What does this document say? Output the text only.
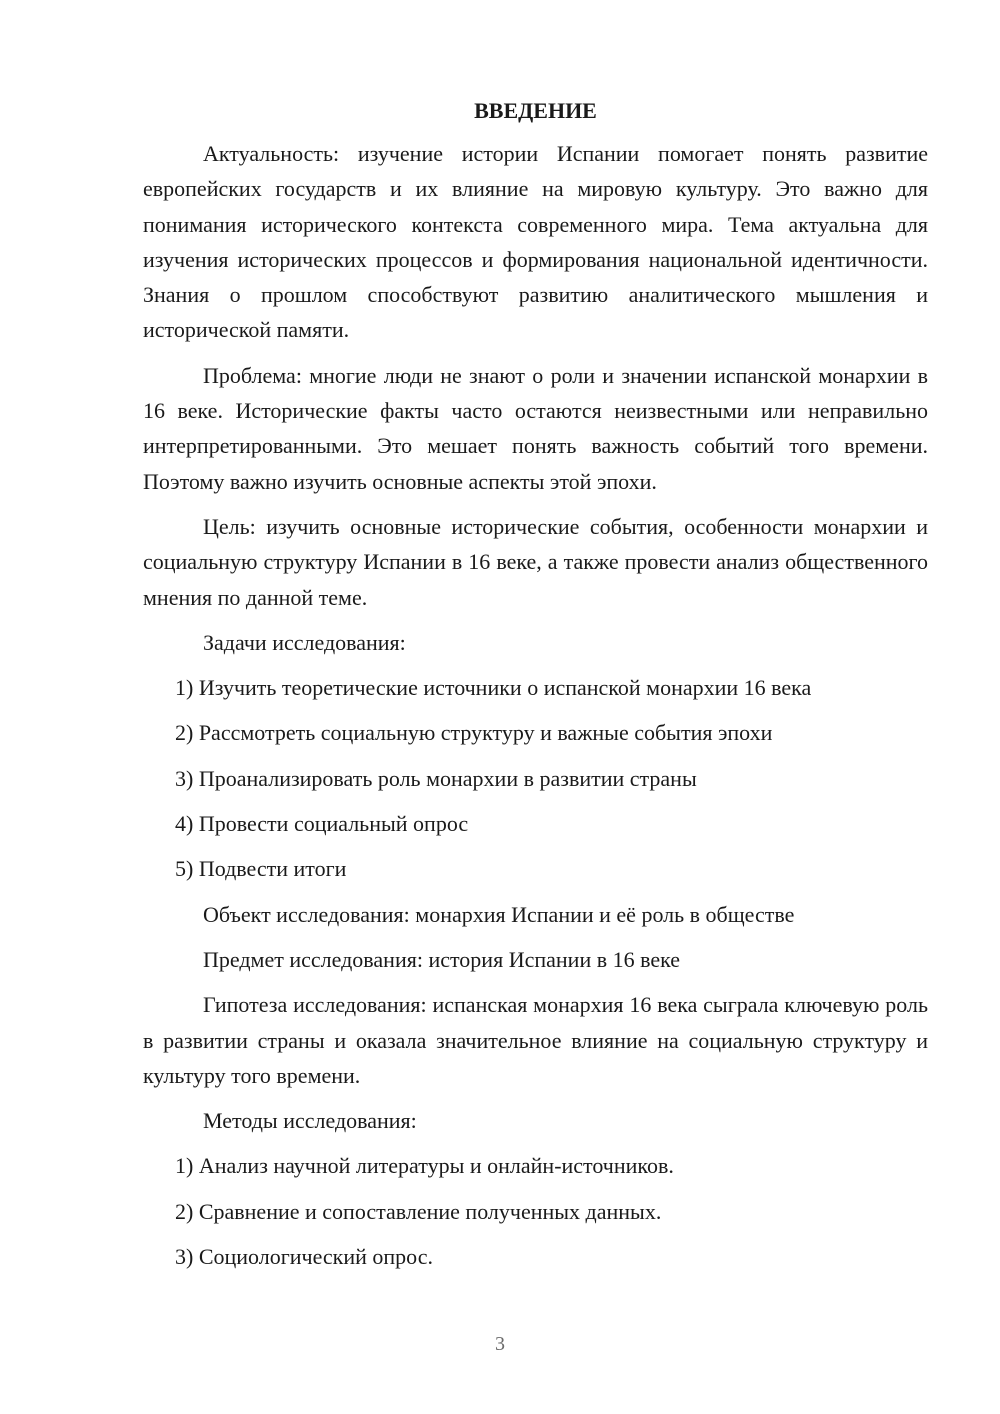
ВВЕДЕНИЕ

Актуальность: изучение истории Испании помогает понять развитие европейских государств и их влияние на мировую культуру. Это важно для понимания исторического контекста современного мира. Тема актуальна для изучения исторических процессов и формирования национальной идентичности. Знания о прошлом способствуют развитию аналитического мышления и исторической памяти.

Проблема: многие люди не знают о роли и значении испанской монархии в 16 веке. Исторические факты часто остаются неизвестными или неправильно интерпретированными. Это мешает понять важность событий того времени. Поэтому важно изучить основные аспекты этой эпохи.

Цель: изучить основные исторические события, особенности монархии и социальную структуру Испании в 16 веке, а также провести анализ общественного мнения по данной теме.

Задачи исследования:
1) Изучить теоретические источники о испанской монархии 16 века
2) Рассмотреть социальную структуру и важные события эпохи
3) Проанализировать роль монархии в развитии страны
4) Провести социальный опрос
5) Подвести итоги
Объект исследования: монархия Испании и её роль в обществе
Предмет исследования: история Испании в 16 веке

Гипотеза исследования: испанская монархия 16 века сыграла ключевую роль в развитии страны и оказала значительное влияние на социальную структуру и культуру того времени.

Методы исследования:
1) Анализ научной литературы и онлайн-источников.
2) Сравнение и сопоставление полученных данных.
3) Социологический опрос.
3
